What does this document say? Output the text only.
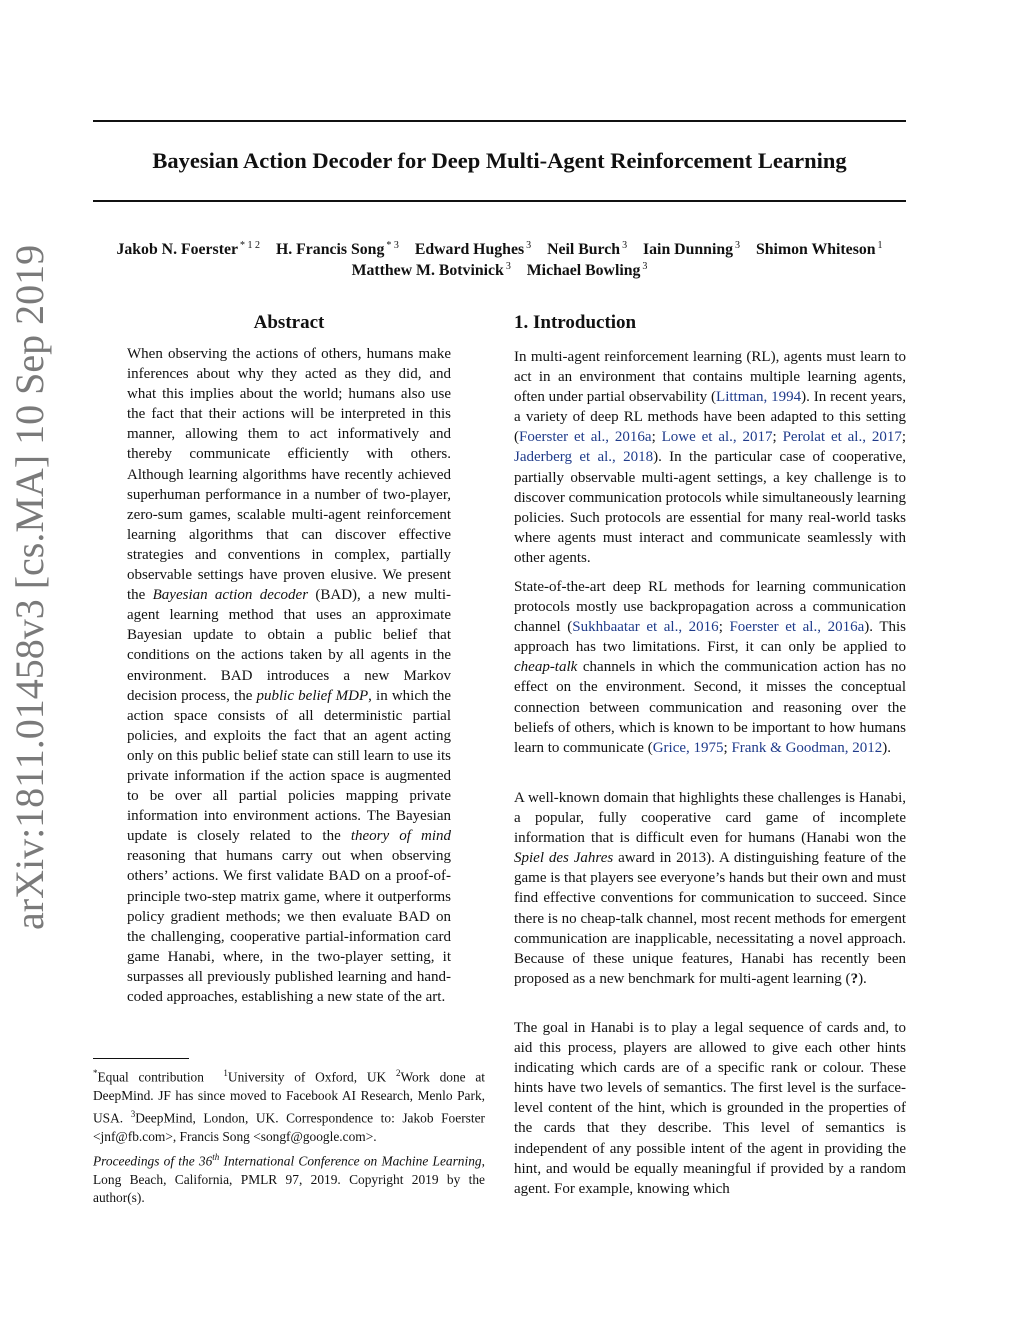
arXiv:1811.01458v3 [cs.MA] 10 Sep 2019
Bayesian Action Decoder for Deep Multi-Agent Reinforcement Learning
Jakob N. Foerster $^{* 1 2}$ H. Francis Song $^{* 3}$ Edward Hughes $^3$ Neil Burch $^3$ Iain Dunning $^3$ Shimon Whiteson $^1$
Matthew M. Botvinick $^3$ Michael Bowling $^3$
Abstract

When observing the actions of others, humans make inferences about why they acted as they did, and what this implies about the world; humans also use the fact that their actions will be interpreted in this manner, allowing them to act informatively and thereby communicate efficiently with others. Although learning algorithms have recently achieved superhuman performance in a number of two-player, zero-sum games, scalable multi-agent reinforcement learning algorithms that can discover effective strategies and conventions in complex, partially observable settings have proven elusive. We present the Bayesian action decoder (BAD), a new multi-agent learning method that uses an approximate Bayesian update to obtain a public belief that conditions on the actions taken by all agents in the environment. BAD introduces a new Markov decision process, the public belief MDP, in which the action space consists of all deterministic partial policies, and exploits the fact that an agent acting only on this public belief state can still learn to use its private information if the action space is augmented to be over all partial policies mapping private information into environment actions. The Bayesian update is closely related to the theory of mind reasoning that humans carry out when observing others’ actions. We first validate BAD on a proof-of-principle two-step matrix game, where it outperforms policy gradient methods; we then evaluate BAD on the challenging, cooperative partial-information card game Hanabi, where, in the two-player setting, it surpasses all previously published learning and hand-coded approaches, establishing a new state of the art.

*Equal contribution $^1$University of Oxford, UK $^2$Work done at DeepMind. JF has since moved to Facebook AI Research, Menlo Park, USA. $^3$DeepMind, London, UK. Correspondence to: Jakob Foerster <jnf@fb.com>, Francis Song <songf@google.com>.

Proceedings of the 36th International Conference on Machine Learning, Long Beach, California, PMLR 97, 2019. Copyright 2019 by the author(s).

1. Introduction

In multi-agent reinforcement learning (RL), agents must learn to act in an environment that contains multiple learning agents, often under partial observability (Littman, 1994). In recent years, a variety of deep RL methods have been adapted to this setting (Foerster et al., 2016a; Lowe et al., 2017; Perolat et al., 2017; Jaderberg et al., 2018). In the particular case of cooperative, partially observable multi-agent settings, a key challenge is to discover communication protocols while simultaneously learning policies. Such protocols are essential for many real-world tasks where agents must interact and communicate seamlessly with other agents.

State-of-the-art deep RL methods for learning communication protocols mostly use backpropagation across a communication channel (Sukhbaatar et al., 2016; Foerster et al., 2016a). This approach has two limitations. First, it can only be applied to cheap-talk channels in which the communication action has no effect on the environment. Second, it misses the conceptual connection between communication and reasoning over the beliefs of others, which is known to be important to how humans learn to communicate (Grice, 1975; Frank & Goodman, 2012).

A well-known domain that highlights these challenges is Hanabi, a popular, fully cooperative card game of incomplete information that is difficult even for humans (Hanabi won the Spiel des Jahres award in 2013). A distinguishing feature of the game is that players see everyone’s hands but their own and must find effective conventions for communication to succeed. Since there is no cheap-talk channel, most recent methods for emergent communication are inapplicable, necessitating a novel approach. Because of these unique features, Hanabi has recently been proposed as a new benchmark for multi-agent learning (?).

The goal in Hanabi is to play a legal sequence of cards and, to aid this process, players are allowed to give each other hints indicating which cards are of a specific rank or colour. These hints have two levels of semantics. The first level is the surface-level content of the hint, which is grounded in the properties of the cards that they describe. This level of semantics is independent of any possible intent of the agent in providing the hint, and would be equally meaningful if provided by a random agent. For example, knowing which
